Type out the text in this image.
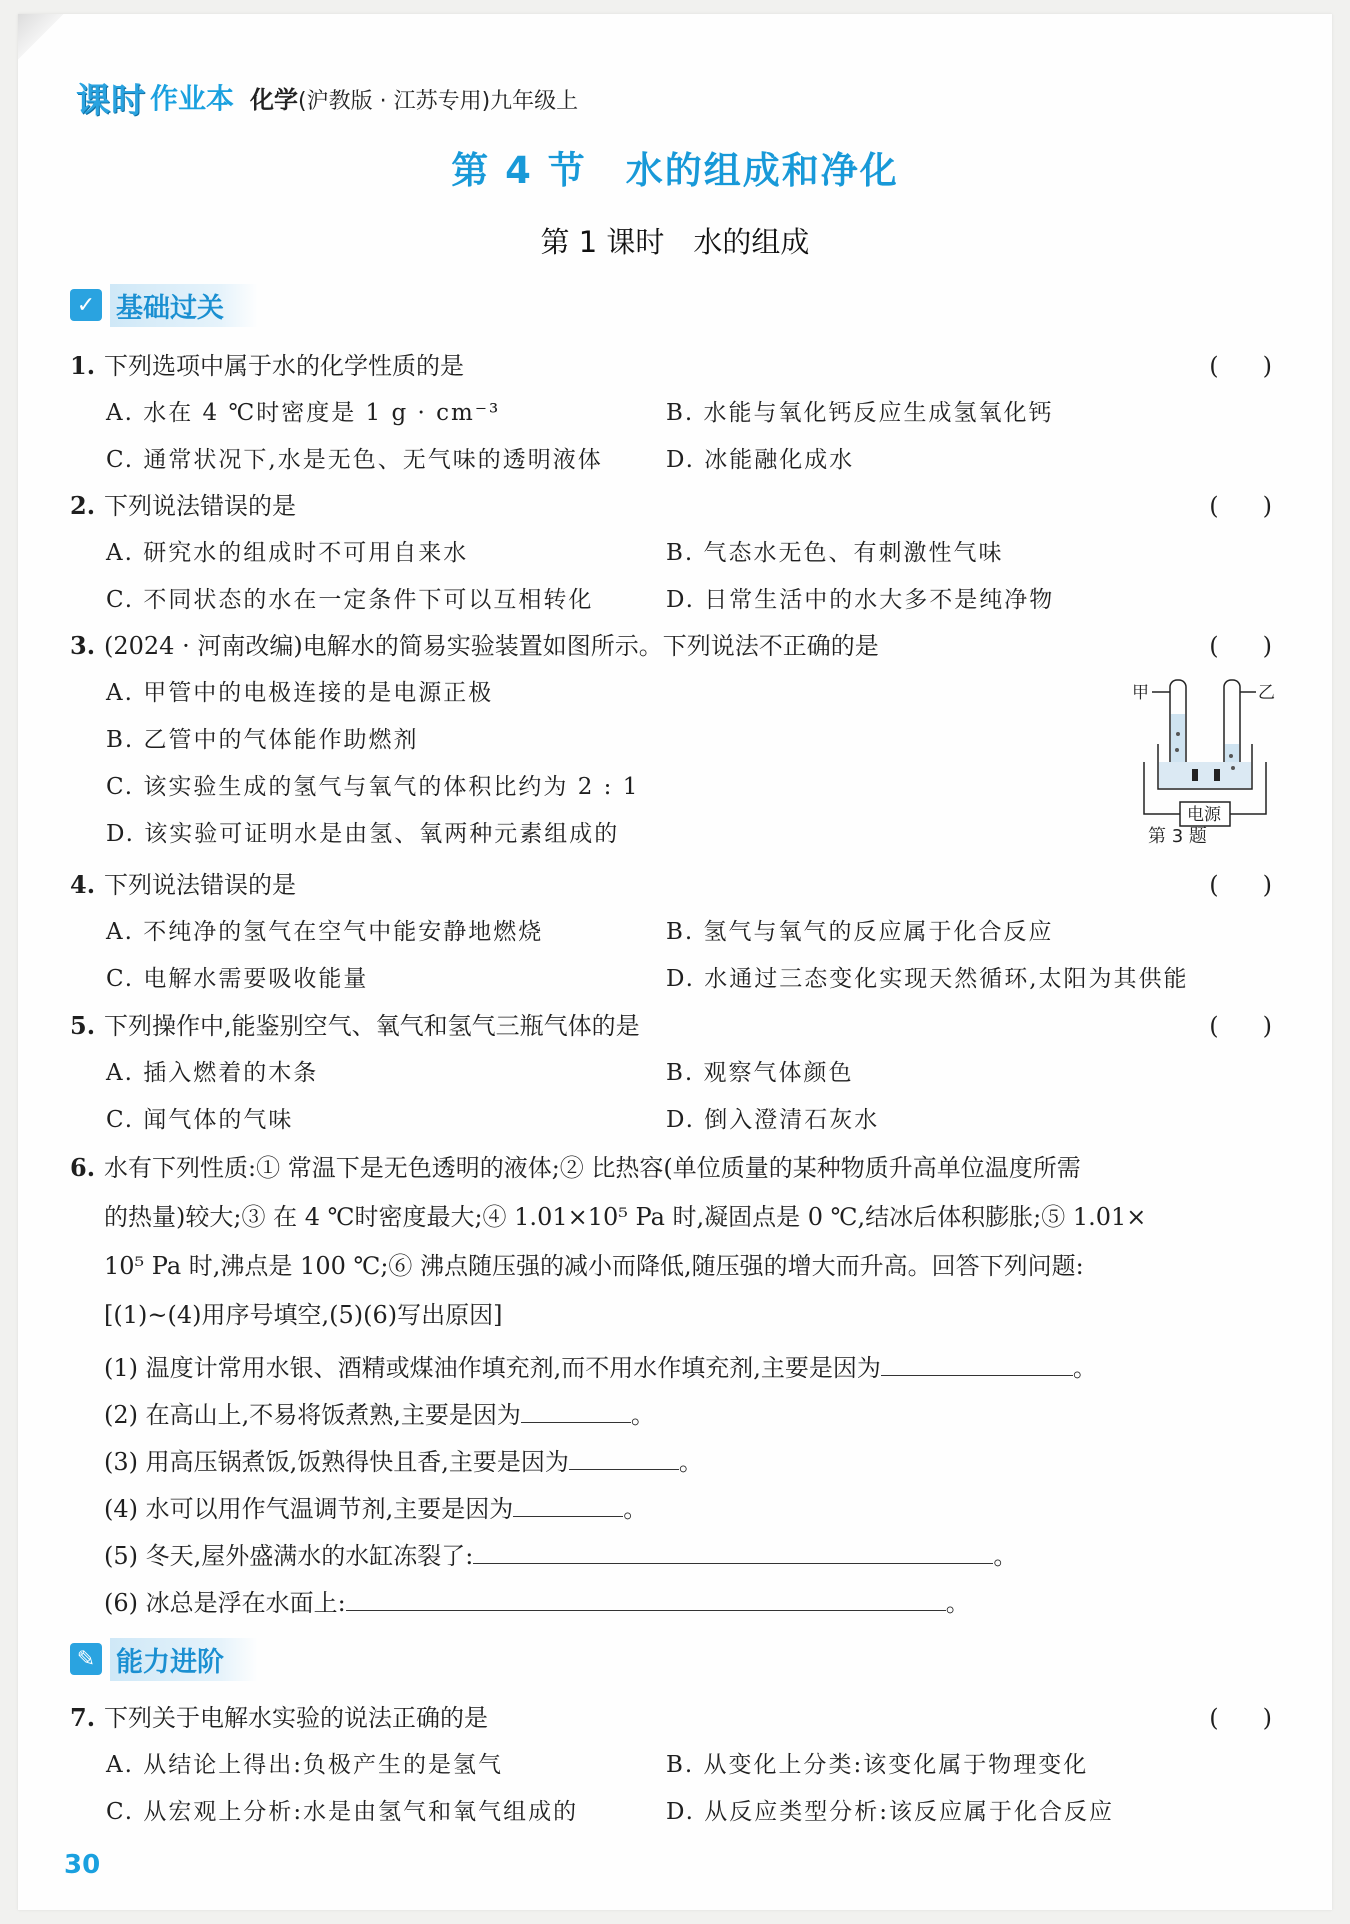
课时 作业本 化学(沪教版 · 江苏专用)九年级上
第 4 节　水的组成和净化
第 1 课时　水的组成
✓ 基础过关
1. 下列选项中属于水的化学性质的是	(　)
A. 水在 4 ℃时密度是 1 g · cm⁻³	B. 水能与氧化钙反应生成氢氧化钙
C. 通常状况下,水是无色、无气味的透明液体	D. 冰能融化成水
2. 下列说法错误的是	(　)
A. 研究水的组成时不可用自来水	B. 气态水无色、有刺激性气味
C. 不同状态的水在一定条件下可以互相转化	D. 日常生活中的水大多不是纯净物
3. (2024 · 河南改编)电解水的简易实验装置如图所示。下列说法不正确的是	(　)
A. 甲管中的电极连接的是电源正极
B. 乙管中的气体能作助燃剂
C. 该实验生成的氢气与氧气的体积比约为 2 : 1
D. 该实验可证明水是由氢、氧两种元素组成的
甲	乙
电源
第 3 题
4. 下列说法错误的是	(　)
A. 不纯净的氢气在空气中能安静地燃烧	B. 氢气与氧气的反应属于化合反应
C. 电解水需要吸收能量	D. 水通过三态变化实现天然循环,太阳为其供能
5. 下列操作中,能鉴别空气、氧气和氢气三瓶气体的是	(　)
A. 插入燃着的木条	B. 观察气体颜色
C. 闻气体的气味	D. 倒入澄清石灰水
6. 水有下列性质:① 常温下是无色透明的液体;② 比热容(单位质量的某种物质升高单位温度所需
的热量)较大;③ 在 4 ℃时密度最大;④ 1.01×10⁵ Pa 时,凝固点是 0 ℃,结冰后体积膨胀;⑤ 1.01×
10⁵ Pa 时,沸点是 100 ℃;⑥ 沸点随压强的减小而降低,随压强的增大而升高。回答下列问题:
[(1)~(4)用序号填空,(5)(6)写出原因]
(1) 温度计常用水银、酒精或煤油作填充剂,而不用水作填充剂,主要是因为	。
(2) 在高山上,不易将饭煮熟,主要是因为	。
(3) 用高压锅煮饭,饭熟得快且香,主要是因为	。
(4) 水可以用作气温调节剂,主要是因为	。
(5) 冬天,屋外盛满水的水缸冻裂了:	。
(6) 冰总是浮在水面上:	。
✎ 能力进阶
7. 下列关于电解水实验的说法正确的是	(　)
A. 从结论上得出:负极产生的是氢气	B. 从变化上分类:该变化属于物理变化
C. 从宏观上分析:水是由氢气和氧气组成的	D. 从反应类型分析:该反应属于化合反应
30
